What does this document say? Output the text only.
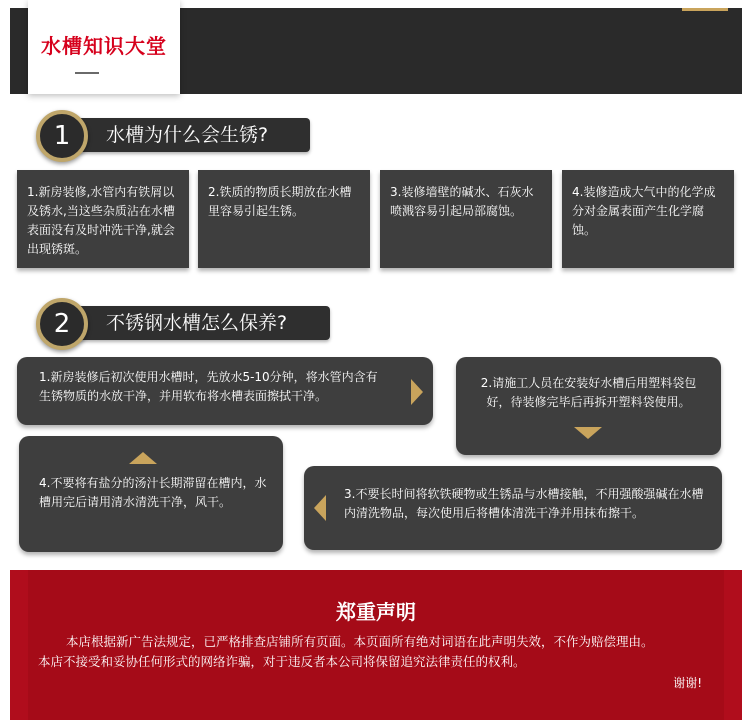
水槽知识大堂
水槽为什么会生锈?
1
1.新房装修,水管内有铁屑以及锈水,当这些杂质沾在水槽表面没有及时冲洗干净,就会出现锈斑。
2.铁质的物质长期放在水槽里容易引起生锈。
3.装修墙壁的碱水、石灰水喷溅容易引起局部腐蚀。
4.装修造成大气中的化学成分对金属表面产生化学腐蚀。
不锈钢水槽怎么保养?
2
1.新房装修后初次使用水槽时，先放水5-10分钟，将水管内含有生锈物质的水放干净，并用软布将水槽表面擦拭干净。
2.请施工人员在安装好水槽后用塑料袋包好，待装修完毕后再拆开塑料袋使用。
4.不要将有盐分的汤汁长期滞留在槽内，水槽用完后请用清水清洗干净，风干。
3.不要长时间将软铁硬物或生锈品与水槽接触，不用强酸强碱在水槽内清洗物品，每次使用后将槽体清洗干净并用抹布擦干。
郑重声明
本店根据新广告法规定，已严格排查店铺所有页面。本页面所有绝对词语在此声明失效，不作为赔偿理由。
本店不接受和妥协任何形式的网络诈骗，对于违反者本公司将保留追究法律责任的权利。
谢谢!
